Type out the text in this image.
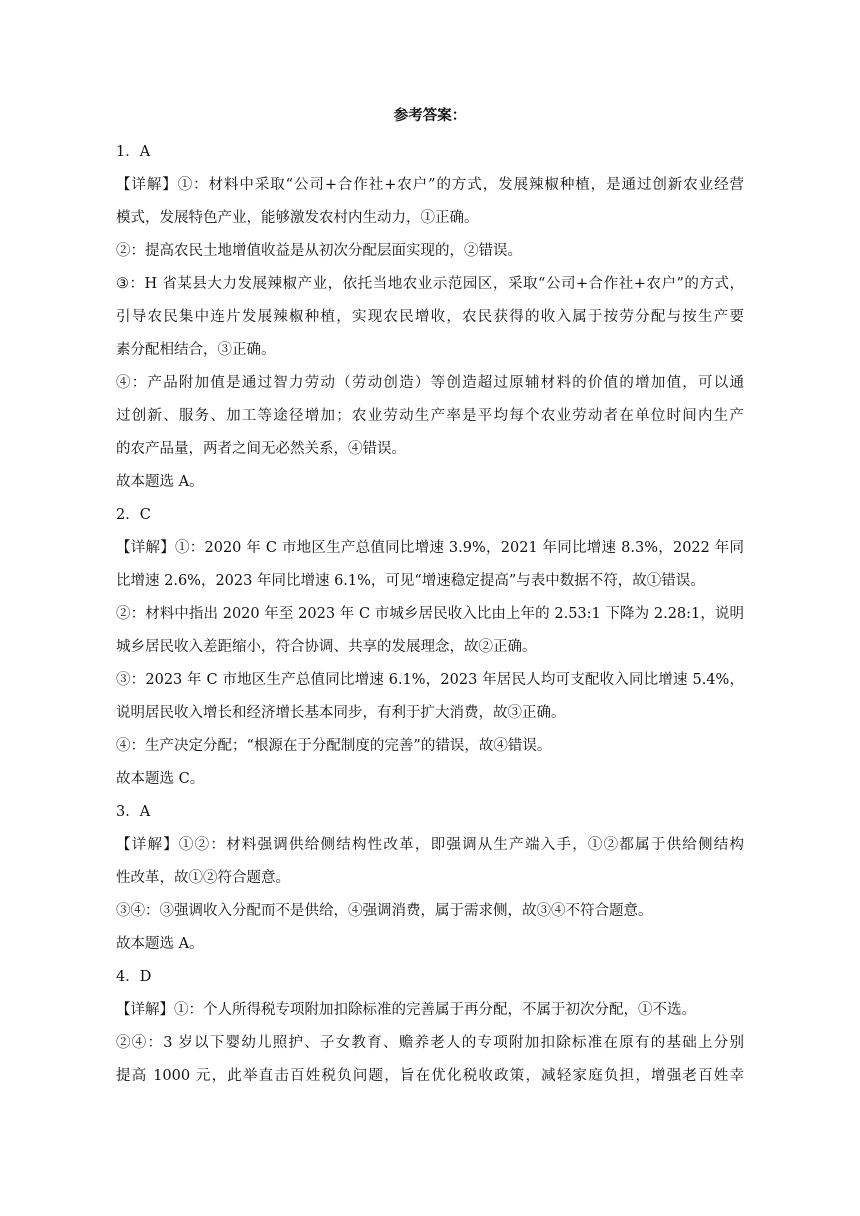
参考答案：
1．A
【详解】①：材料中采取“公司+合作社+农户”的方式，发展辣椒种植，是通过创新农业经营
模式，发展特色产业，能够激发农村内生动力，①正确。
②：提高农民土地增值收益是从初次分配层面实现的，②错误。
③：H 省某县大力发展辣椒产业，依托当地农业示范园区，采取“公司+合作社+农户”的方式，
引导农民集中连片发展辣椒种植，实现农民增收，农民获得的收入属于按劳分配与按生产要
素分配相结合，③正确。
④：产品附加值是通过智力劳动（劳动创造）等创造超过原辅材料的价值的增加值，可以通
过创新、服务、加工等途径增加；农业劳动生产率是平均每个农业劳动者在单位时间内生产
的农产品量，两者之间无必然关系，④错误。
故本题选 A。
2．C
【详解】①：2020 年 C 市地区生产总值同比增速 3.9%，2021 年同比增速 8.3%，2022 年同
比增速 2.6%，2023 年同比增速 6.1%，可见“增速稳定提高”与表中数据不符，故①错误。
②：材料中指出 2020 年至 2023 年 C 市城乡居民收入比由上年的 2.53:1 下降为 2.28:1，说明
城乡居民收入差距缩小，符合协调、共享的发展理念，故②正确。
③：2023 年 C 市地区生产总值同比增速 6.1%，2023 年居民人均可支配收入同比增速 5.4%，
说明居民收入增长和经济增长基本同步，有利于扩大消费，故③正确。
④：生产决定分配；“根源在于分配制度的完善”的错误，故④错误。
故本题选 C。
3．A
【详解】①②：材料强调供给侧结构性改革，即强调从生产端入手，①②都属于供给侧结构
性改革，故①②符合题意。
③④：③强调收入分配而不是供给，④强调消费，属于需求侧，故③④不符合题意。
故本题选 A。
4．D
【详解】①：个人所得税专项附加扣除标准的完善属于再分配，不属于初次分配，①不选。
②④：3 岁以下婴幼儿照护、子女教育、赡养老人的专项附加扣除标准在原有的基础上分别
提高 1000 元，此举直击百姓税负问题，旨在优化税收政策，减轻家庭负担，增强老百姓幸
